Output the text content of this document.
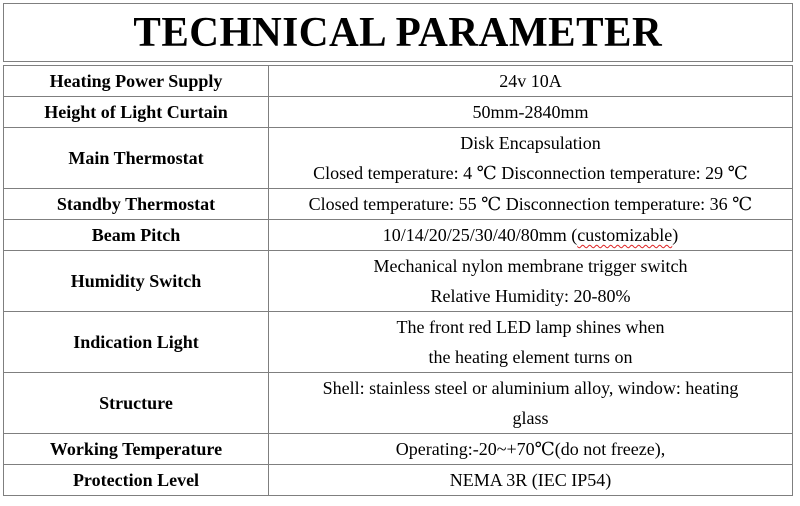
TECHNICAL PARAMETER
Heating Power Supply	24v 10A

Height of Light Curtain	50mm-2840mm

Main Thermostat	Disk Encapsulation
Closed temperature: 4 ℃ Disconnection temperature: 29 ℃

Standby Thermostat	Closed temperature: 55 ℃ Disconnection temperature: 36 ℃

Beam Pitch	10/14/20/25/30/40/80mm (customizable)
Humidity Switch	Mechanical nylon membrane trigger switch
Relative Humidity: 20-80%

Indication Light	The front red LED lamp shines when
the heating element turns on

Structure	Shell: stainless steel or aluminium alloy, window: heating
glass

Working Temperature	Operating:-20~+70℃(do not freeze),

Protection Level	NEMA 3R (IEC IP54)
